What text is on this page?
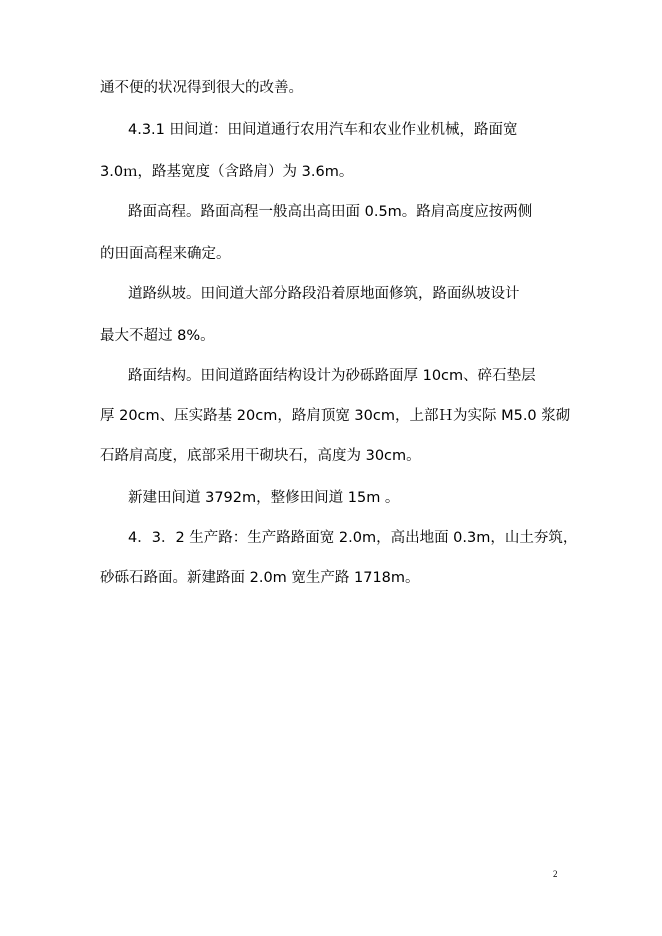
通不便的状况得到很大的改善。
4.3.1 田间道：田间道通行农用汽车和农业作业机械，路面宽
3.0ｍ，路基宽度（含路肩）为 3.6m。
路面高程。路面高程一般高出高田面 0.5m。路肩高度应按两侧
的田面高程来确定。
道路纵坡。田间道大部分路段沿着原地面修筑，路面纵坡设计
最大不超过 8%。
路面结构。田间道路面结构设计为砂砾路面厚 10cm、碎石垫层
厚 20cm、压实路基 20cm，路肩顶宽 30cm，上部Ｈ为实际 M5.0 浆砌
石路肩高度，底部采用干砌块石，高度为 30cm。
新建田间道 3792m，整修田间道 15m 。
4．3．2 生产路：生产路路面宽 2.0m，高出地面 0.3m，山土夯筑，
砂砾石路面。新建路面 2.0m 宽生产路 1718m。
2
